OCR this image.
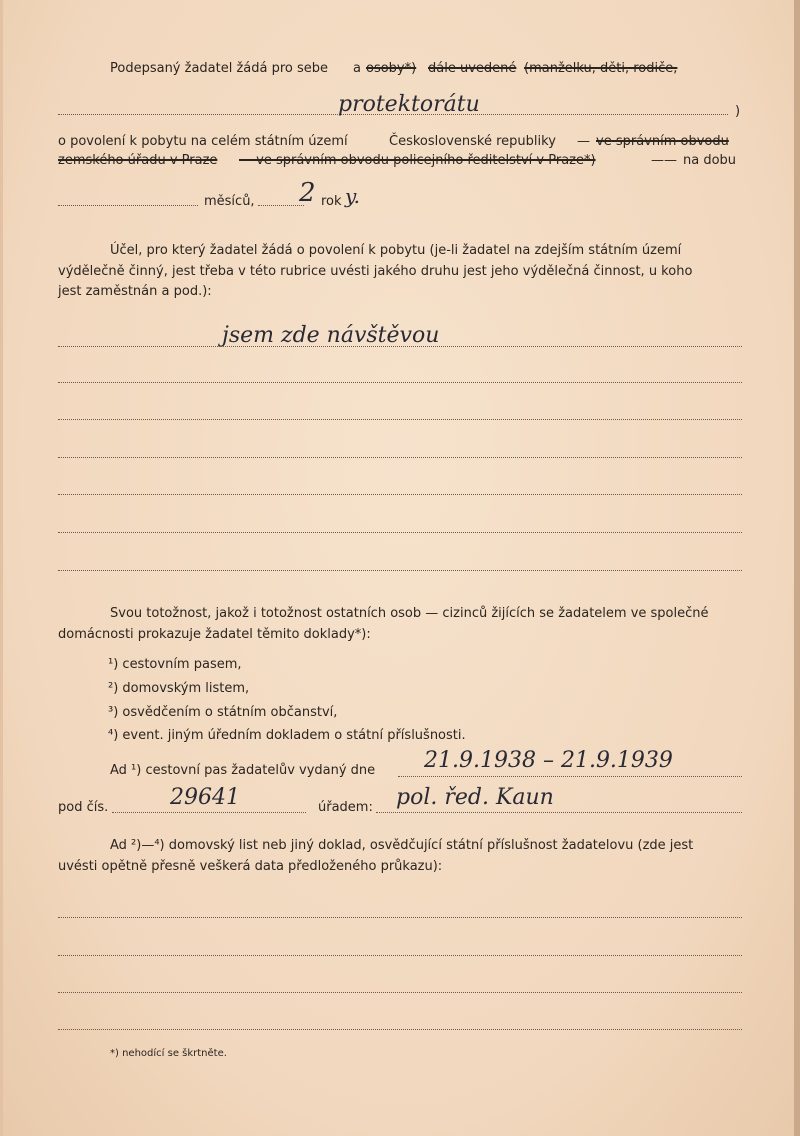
Podepsaný žadatel žádá pro sebe a osoby*) dále uvedené (manželku, děti, rodiče,
protektorátu	)
o povolení k pobytu na celém státním území	Československé republiky — ve správním obvodu
zemského úřadu v Praze — ve správním obvodu policejního ředitelství v Praze*)	—— na dobu
měsíců, 2 rok y.
Účel, pro který žadatel žádá o povolení k pobytu (je-li žadatel na zdejším státním území
výdělečně činný, jest třeba v této rubrice uvésti jakého druhu jest jeho výdělečná činnost, u koho
jest zaměstnán a pod.):
jsem zde návštěvou
Svou totožnost, jakož i totožnost ostatních osob — cizinců žijících se žadatelem ve společné
domácnosti prokazuje žadatel těmito doklady*):
¹) cestovním pasem,
²) domovským listem,
³) osvědčením o státním občanství,
⁴) event. jiným úředním dokladem o státní příslušnosti.
Ad ¹) cestovní pas žadatelův vydaný dne 21.9.1938 – 21.9.1939
pod čís.	29641	úřadem: pol. řed. Kaun
Ad ²)—⁴) domovský list neb jiný doklad, osvědčující státní příslušnost žadatelovu (zde jest
uvésti opětně přesně veškerá data předloženého průkazu):
*) nehodící se škrtněte.
